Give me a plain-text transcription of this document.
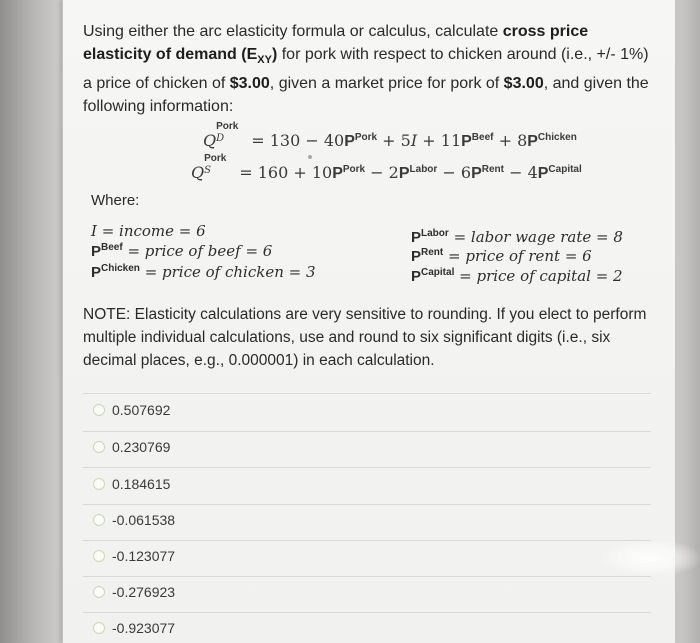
Using either the arc elasticity formula or calculus, calculate cross price elasticity of demand $(E_{XY})$ for pork with respect to chicken around (i.e., +/- 1%) a price of chicken of $3.00, given a market price for pork of $3.00, and given the following information:
Q
Pork
$D = 130 - 40P^{Pork} + 5I + 11P^{Beef} + 8P^{Chicken}$
Q
Pork
$S = 160 + 10P^{Pork} - 2P^{Labor} - 6P^{Rent} - 4P^{Capital}$
Where:
I = income = 6
$P^{Beef}$ = price of beef = 6
$P^{Chicken}$ = price of chicken = 3
$P^{Labor}$ = labor wage rate = 8
$P^{Rent}$ = price of rent = 6
$P^{Capital}$ = price of capital = 2
NOTE: Elasticity calculations are very sensitive to rounding. If you elect to perform multiple individual calculations, use and round to six significant digits (i.e., six decimal places, e.g., 0.000001) in each calculation.
0.507692
0.230769
0.184615
-0.061538
-0.123077
-0.276923
-0.923077
